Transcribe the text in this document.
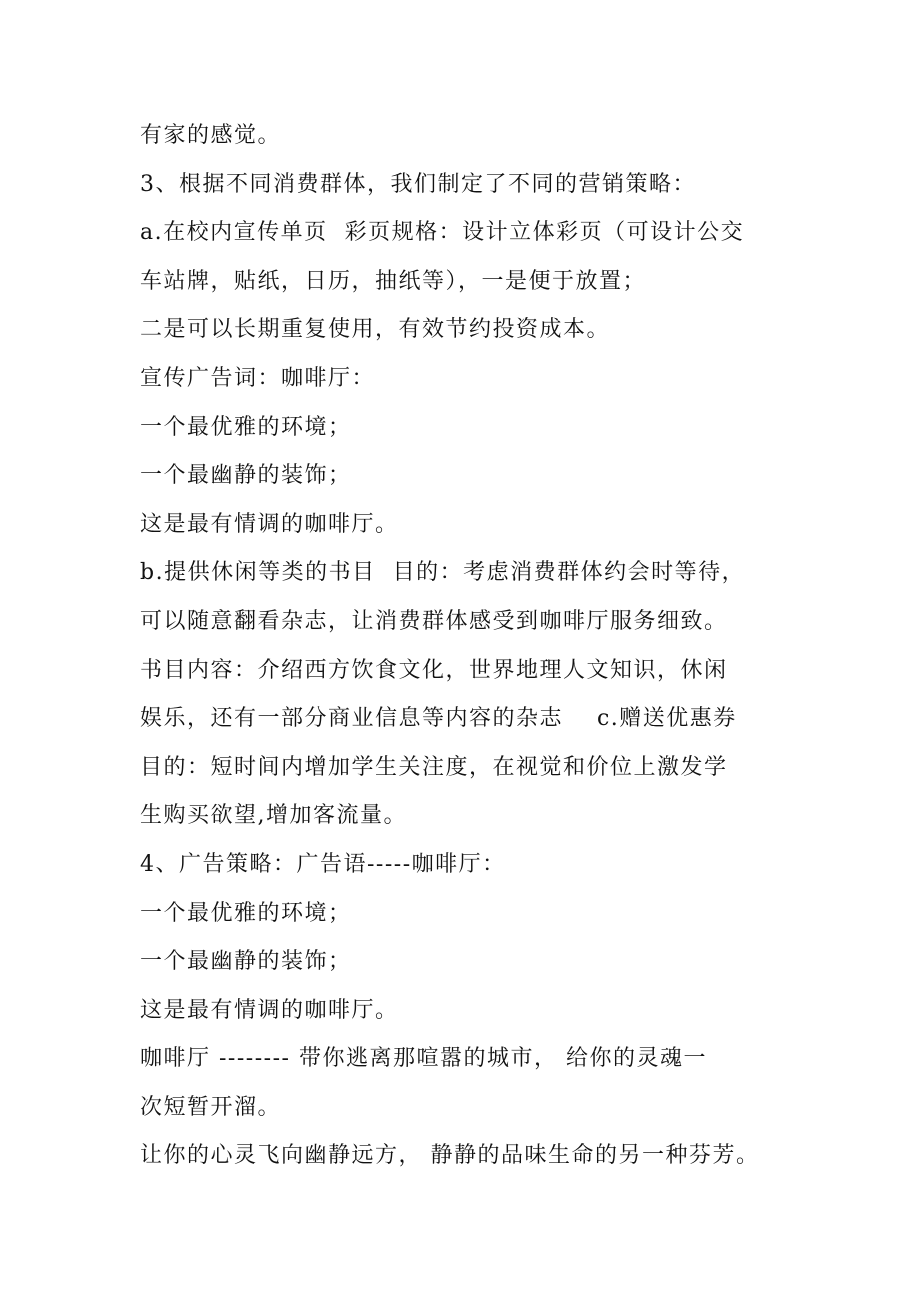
有家的感觉。

3、根据不同消费群体，我们制定了不同的营销策略：

a.在校内宣传单页  彩页规格：设计立体彩页（可设计公交

车站牌，贴纸，日历，抽纸等），一是便于放置；

二是可以长期重复使用，有效节约投资成本。

宣传广告词：咖啡厅：

一个最优雅的环境；

一个最幽静的装饰；

这是最有情调的咖啡厅。

b.提供休闲等类的书目  目的：考虑消费群体约会时等待，

可以随意翻看杂志，让消费群体感受到咖啡厅服务细致。

书目内容：介绍西方饮食文化，世界地理人文知识，休闲

娱乐，还有一部分商业信息等内容的杂志    c.赠送优惠券

目的：短时间内增加学生关注度，在视觉和价位上激发学

生购买欲望,增加客流量。

4、广告策略：广告语-----咖啡厅：

一个最优雅的环境；

一个最幽静的装饰；

这是最有情调的咖啡厅。

咖啡厅 -------- 带你逃离那喧嚣的城市， 给你的灵魂一

次短暂开溜。

让你的心灵飞向幽静远方， 静静的品味生命的另一种芬芳。
